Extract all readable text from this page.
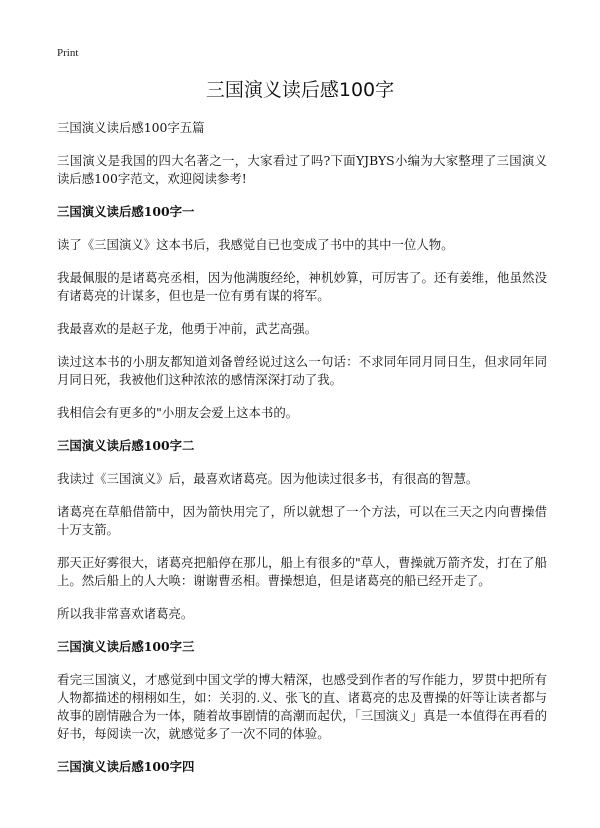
Print
三国演义读后感100字

三国演义读后感100字五篇

三国演义是我国的四大名著之一，大家看过了吗?下面YJBYS小编为大家整理了三国演义读后感100字范文，欢迎阅读参考!

三国演义读后感100字一

读了《三国演义》这本书后，我感觉自已也变成了书中的其中一位人物。

我最佩服的是诸葛亮丞相，因为他满腹经纶，神机妙算，可厉害了。还有姜维，他虽然没有诸葛亮的计谋多，但也是一位有勇有谋的将军。

我最喜欢的是赵子龙，他勇于冲前，武艺高强。

读过这本书的小朋友都知道刘备曾经说过这么一句话：不求同年同月同日生，但求同年同月同日死，我被他们这种浓浓的感情深深打动了我。

我相信会有更多的"小朋友会爱上这本书的。

三国演义读后感100字二

我读过《三国演义》后，最喜欢诸葛亮。因为他读过很多书，有很高的智慧。

诸葛亮在草船借箭中，因为箭快用完了，所以就想了一个方法，可以在三天之内向曹操借十万支箭。

那天正好雾很大，诸葛亮把船停在那儿，船上有很多的"草人，曹操就万箭齐发，打在了船上。然后船上的人大唤：谢谢曹丞相。曹操想追，但是诸葛亮的船已经开走了。

所以我非常喜欢诸葛亮。

三国演义读后感100字三

看完三国演义，才感觉到中国文学的博大精深，也感受到作者的写作能力，罗贯中把所有人物都描述的栩栩如生，如：关羽的.义、张飞的直、诸葛亮的忠及曹操的奸等让读者都与故事的剧情融合为一体，随着故事剧情的高潮而起伏，「三国演义」真是一本值得在再看的好书，每阅读一次，就感觉多了一次不同的体验。

三国演义读后感100字四
